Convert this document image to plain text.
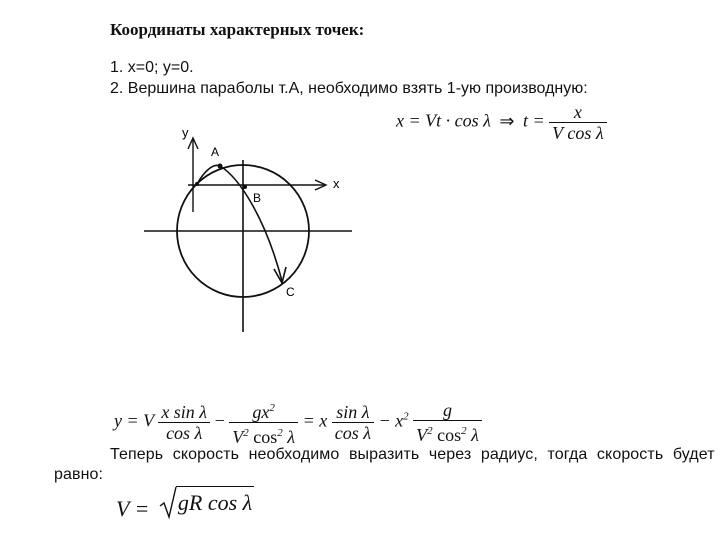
Координаты характерных точек:
1. x=0; y=0.
2. Вершина параболы т.А, необходимо взять 1-ую производную:
x = Vt · cos λ ⇒ $t = \frac{x}{\text{V cos λ}}$
y
x
A
B
C
y = V $\frac{\text{x sin λ}}{\text{cos λ}} - \frac{gx^2}{V^2 \cos^2 \lambda} = x \frac{\text{sin λ}}{\text{cos λ}} - x^2 \frac{g}{V^2 \cos^2 \lambda}$
Теперь скорость необходимо выразить через радиус, тогда скорость будет
равно:
V = gR cos λ
